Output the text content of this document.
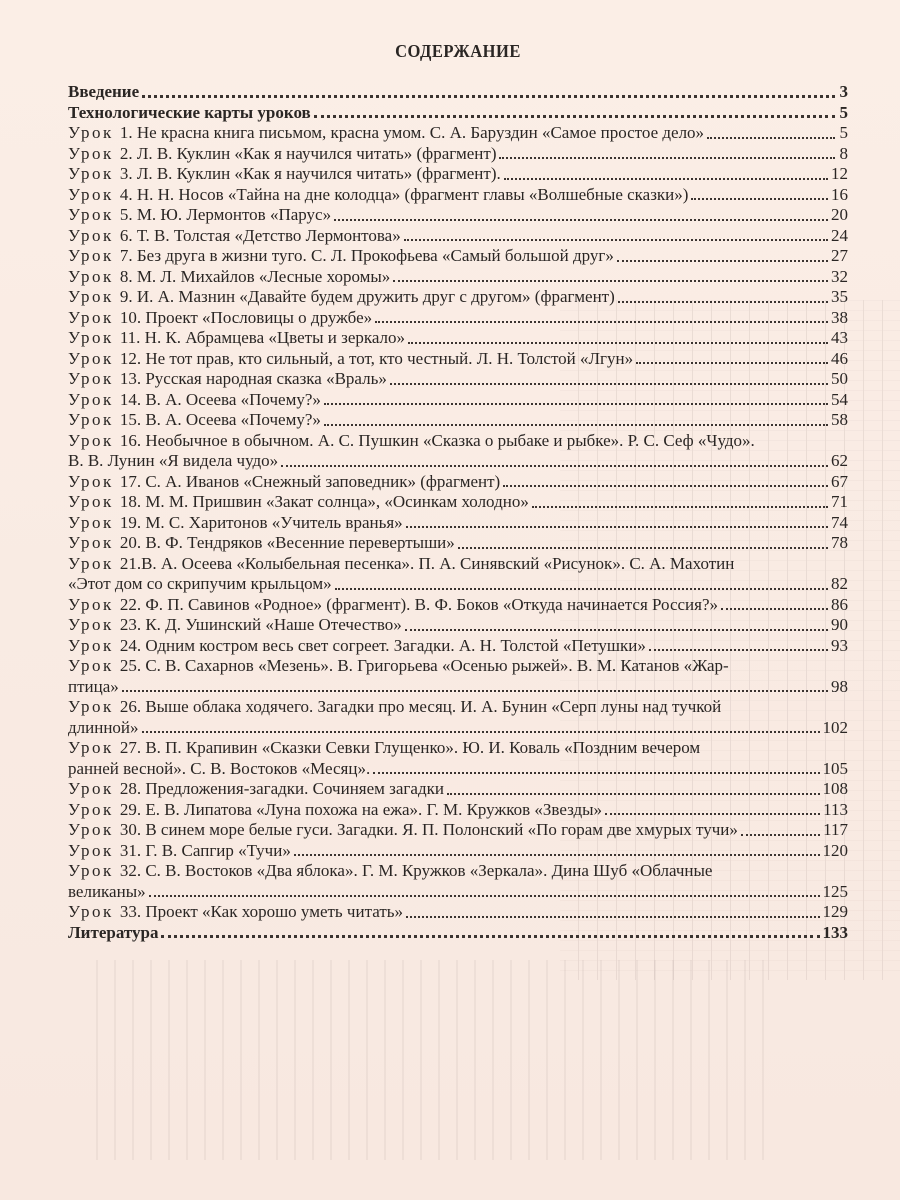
СОДЕРЖАНИЕ
Введение	3
Технологические карты уроков	5
Урок 1. Не красна книга письмом, красна умом. С. А. Баруздин «Самое простое дело»	5
Урок 2. Л. В. Куклин «Как я научился читать» (фрагмент)	8
Урок 3. Л. В. Куклин «Как я научился читать» (фрагмент).	12
Урок 4. Н. Н. Носов «Тайна на дне колодца» (фрагмент главы «Волшебные сказки»)	16
Урок 5. М. Ю. Лермонтов «Парус»	20
Урок 6. Т. В. Толстая «Детство Лермонтова»	24
Урок 7. Без друга в жизни туго. С. Л. Прокофьева «Самый большой друг»	27
Урок 8. М. Л. Михайлов «Лесные хоромы»	32
Урок 9. И. А. Мазнин «Давайте будем дружить друг с другом» (фрагмент)	35
Урок 10. Проект «Пословицы о дружбе»	38
Урок 11. Н. К. Абрамцева «Цветы и зеркало»	43
Урок 12. Не тот прав, кто сильный, а тот, кто честный. Л. Н. Толстой «Лгун»	46
Урок 13. Русская народная сказка «Враль»	50
Урок 14. В. А. Осеева «Почему?»	54
Урок 15. В. А. Осеева «Почему?»	58
Урок 16. Необычное в обычном. А. С. Пушкин «Сказка о рыбаке и рыбке». Р. С. Сеф «Чудо».
В. В. Лунин «Я видела чудо»	62
Урок 17. С. А. Иванов «Снежный заповедник» (фрагмент)	67
Урок 18. М. М. Пришвин «Закат солнца», «Осинкам холодно»	71
Урок 19. М. С. Харитонов «Учитель вранья»	74
Урок 20. В. Ф. Тендряков «Весенние перевертыши»	78
Урок 21.В. А. Осеева «Колыбельная песенка». П. А. Синявский «Рисунок». С. А. Махотин
«Этот дом со скрипучим крыльцом»	82
Урок 22. Ф. П. Савинов «Родное» (фрагмент). В. Ф. Боков «Откуда начинается Россия?»	86
Урок 23. К. Д. Ушинский «Наше Отечество»	90
Урок 24. Одним костром весь свет согреет. Загадки. А. Н. Толстой «Петушки»	93
Урок 25. С. В. Сахарнов «Мезень». В. Григорьева «Осенью рыжей». В. М. Катанов «Жар-
птица»	98
Урок 26. Выше облака ходячего. Загадки про месяц. И. А. Бунин «Серп луны над тучкой
длинной»	102
Урок 27. В. П. Крапивин «Сказки Севки Глущенко». Ю. И. Коваль «Поздним вечером
ранней весной». С. В. Востоков «Месяц».	105
Урок 28. Предложения-загадки. Сочиняем загадки	108
Урок 29. Е. В. Липатова «Луна похожа на ежа». Г. М. Кружков «Звезды»	113
Урок 30. В синем море белые гуси. Загадки. Я. П. Полонский «По горам две хмурых тучи»	117
Урок 31. Г. В. Сапгир «Тучи»	120
Урок 32. С. В. Востоков «Два яблока». Г. М. Кружков «Зеркала». Дина Шуб «Облачные
великаны»	125
Урок 33. Проект «Как хорошо уметь читать»	129
Литература	133
